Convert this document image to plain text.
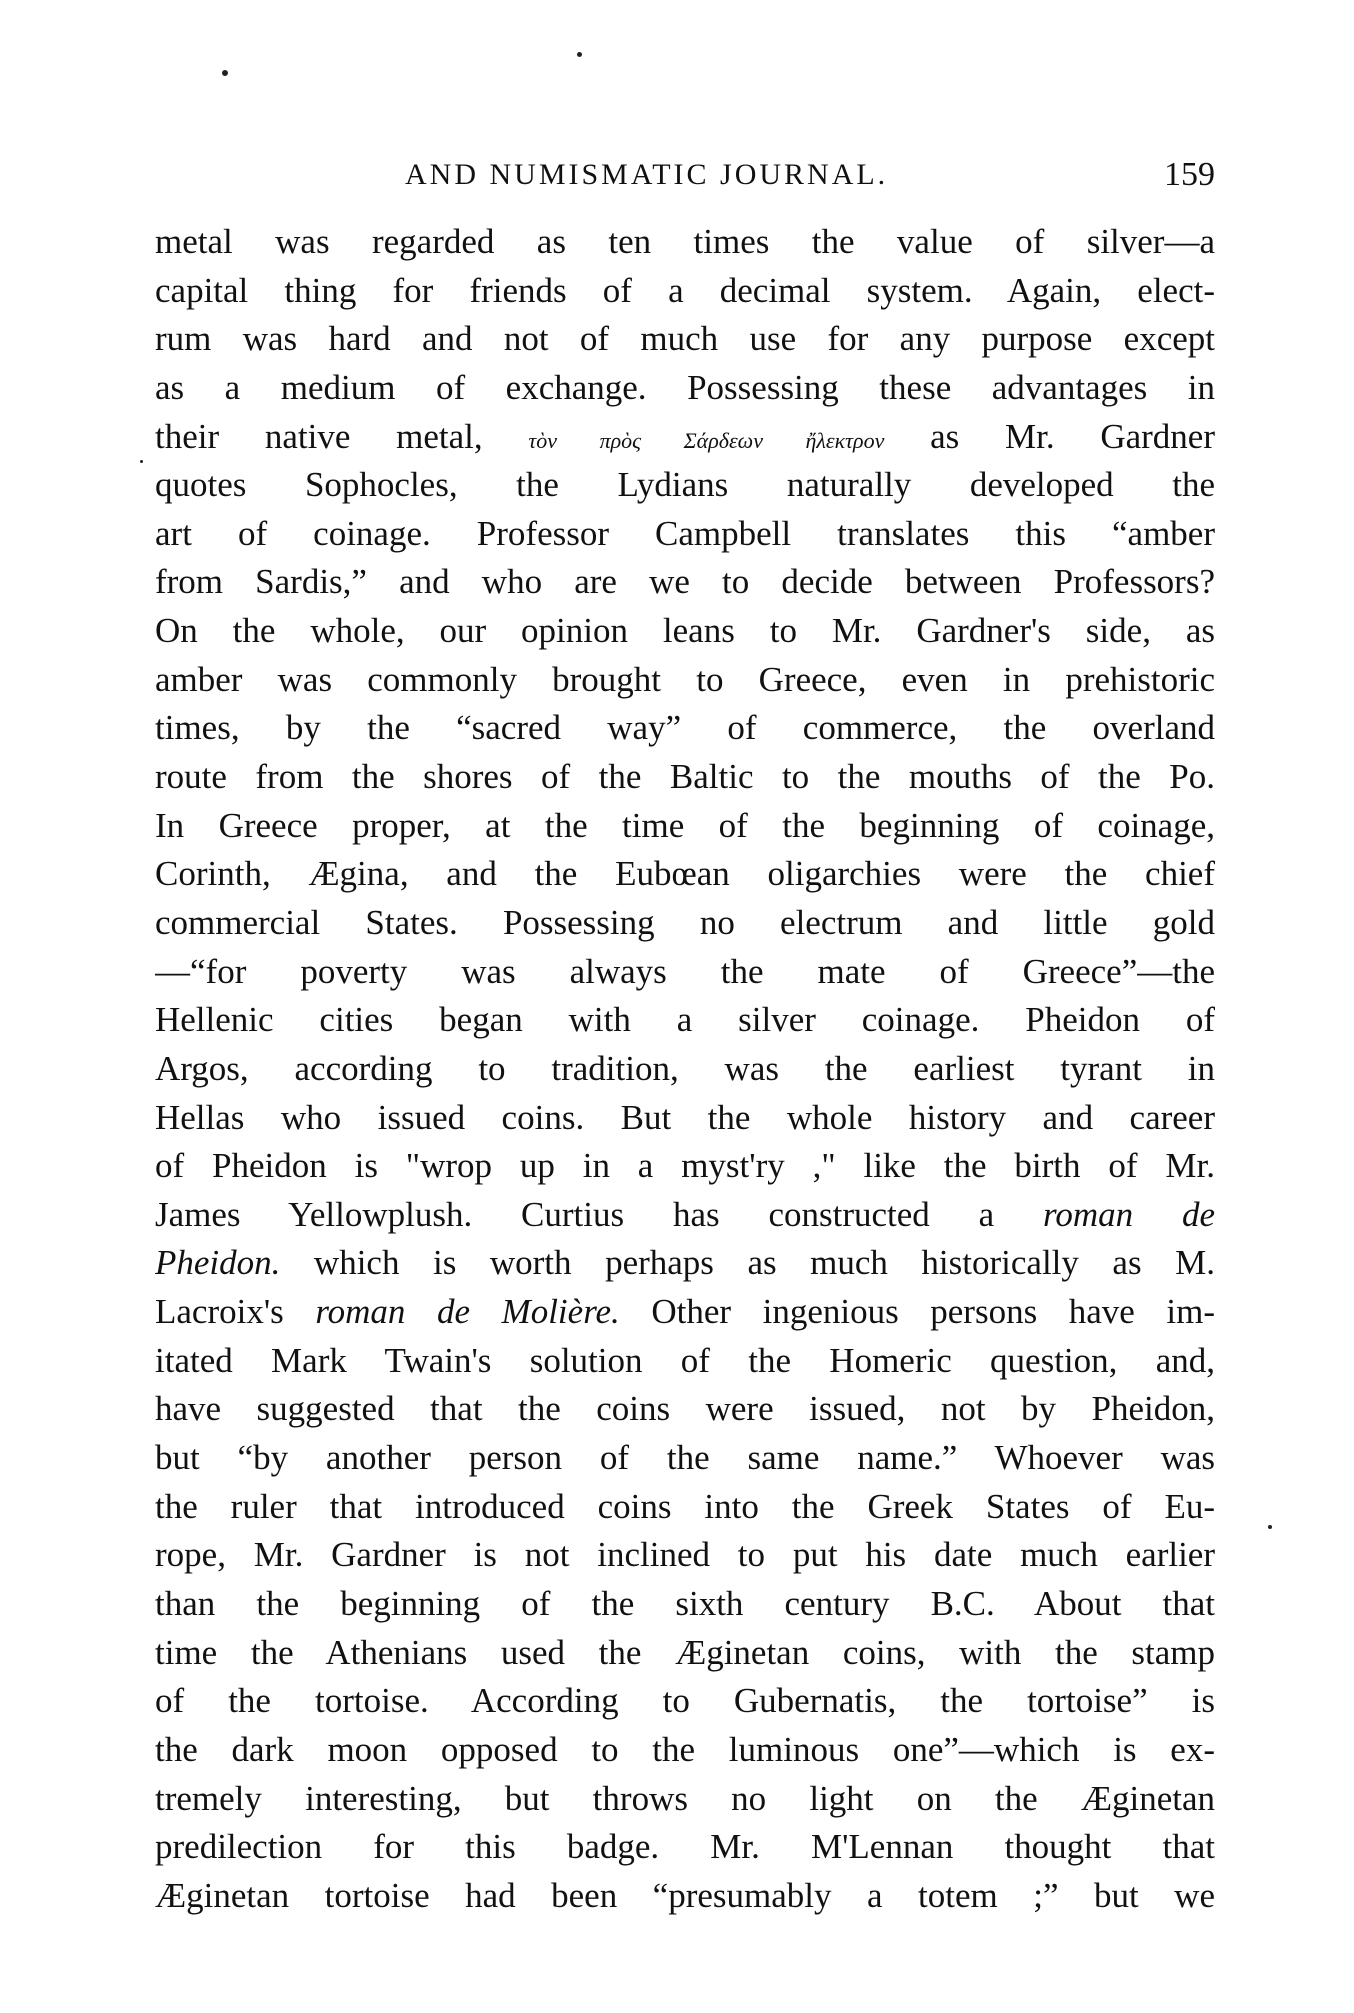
AND NUMISMATIC JOURNAL.	159
metal was regarded as ten times the value of silver—a
capital thing for friends of a decimal system. Again, elect-
rum was hard and not of much use for any purpose except
as a medium of exchange. Possessing these advantages in
their native metal, τὸν πρὸς Σάρδεων ἤλεκτρον as Mr. Gardner
quotes Sophocles, the Lydians naturally developed the
art of coinage. Professor Campbell translates this “amber
from Sardis,” and who are we to decide between Professors?
On the whole, our opinion leans to Mr. Gardner's side, as
amber was commonly brought to Greece, even in prehistoric
times, by the “sacred way” of commerce, the overland
route from the shores of the Baltic to the mouths of the Po.
In Greece proper, at the time of the beginning of coinage,
Corinth, Ægina, and the Eubœan oligarchies were the chief
commercial States. Possessing no electrum and little gold
—“for poverty was always the mate of Greece”—the
Hellenic cities began with a silver coinage. Pheidon of
Argos, according to tradition, was the earliest tyrant in
Hellas who issued coins. But the whole history and career
of Pheidon is "wrop up in a myst'ry ," like the birth of Mr.
James Yellowplush. Curtius has constructed a roman de
Pheidon. which is worth perhaps as much historically as M.
Lacroix's roman de Molière. Other ingenious persons have im-
itated Mark Twain's solution of the Homeric question, and,
have suggested that the coins were issued, not by Pheidon,
but “by another person of the same name.” Whoever was
the ruler that introduced coins into the Greek States of Eu-
rope, Mr. Gardner is not inclined to put his date much earlier
than the beginning of the sixth century B.C. About that
time the Athenians used the Æginetan coins, with the stamp
of the tortoise. According to Gubernatis, the tortoise” is
the dark moon opposed to the luminous one”—which is ex-
tremely interesting, but throws no light on the Æginetan
predilection for this badge. Mr. M'Lennan thought that
Æginetan tortoise had been “presumably a totem ;” but we
